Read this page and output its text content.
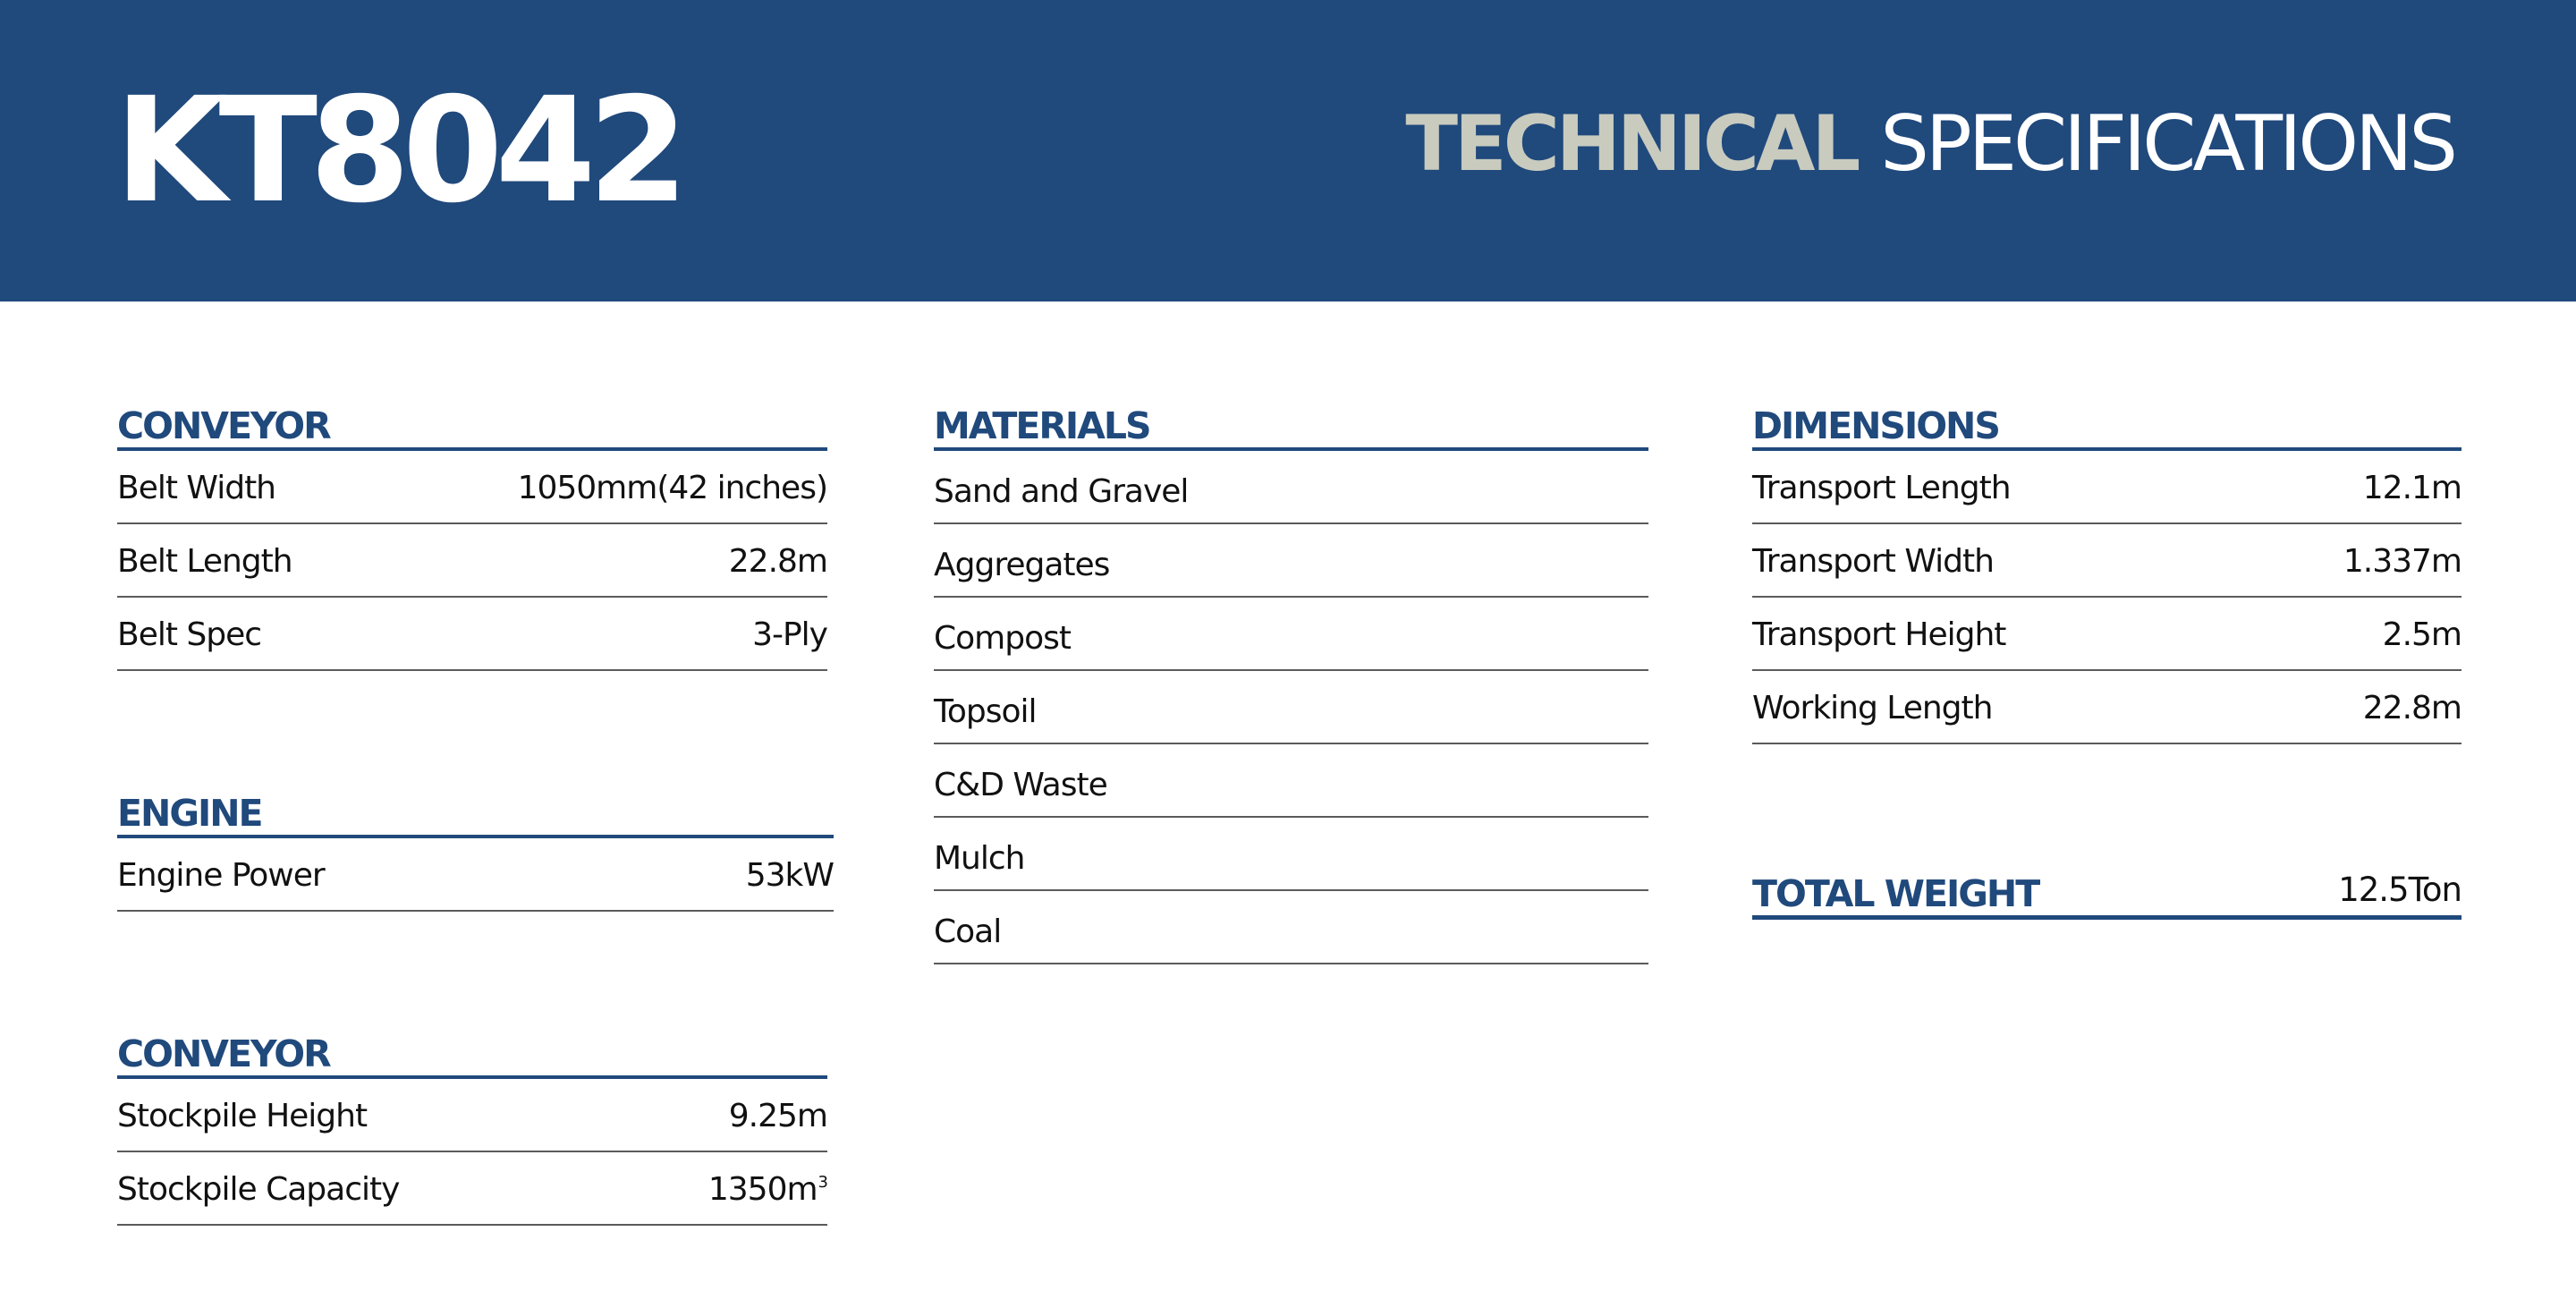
KT8042	TECHNICAL SPECIFICATIONS
CONVEYOR
Belt Width	1050mm(42 inches)
Belt Length	22.8m
Belt Spec	3-Ply
ENGINE
Engine Power	53kW
CONVEYOR
Stockpile Height	9.25m
Stockpile Capacity	$1350m^3$
MATERIALS
Sand and Gravel
Aggregates
Compost
Topsoil
C&D Waste
Mulch
Coal
DIMENSIONS
Transport Length	12.1m
Transport Width	1.337m
Transport Height	2.5m
Working Length	22.8m
TOTAL WEIGHT	12.5Ton
